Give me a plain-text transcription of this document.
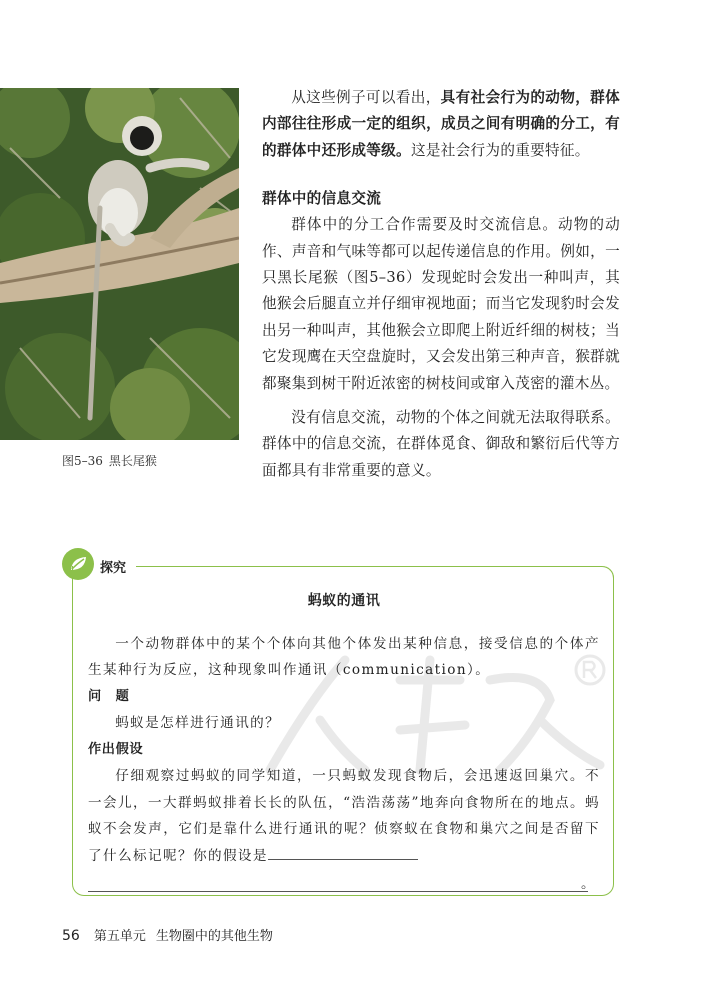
图5–36 黑长尾猴

从这些例子可以看出，具有社会行为的动物，群体内部往往形成一定的组织，成员之间有明确的分工，有的群体中还形成等级。这是社会行为的重要特征。

群体中的信息交流

群体中的分工合作需要及时交流信息。动物的动作、声音和气味等都可以起传递信息的作用。例如，一只黑长尾猴（图5–36）发现蛇时会发出一种叫声，其他猴会后腿直立并仔细审视地面；而当它发现豹时会发出另一种叫声，其他猴会立即爬上附近纤细的树枝；当它发现鹰在天空盘旋时，又会发出第三种声音，猴群就都聚集到树干附近浓密的树枝间或窜入茂密的灌木丛。

没有信息交流，动物的个体之间就无法取得联系。群体中的信息交流，在群体觅食、御敌和繁衍后代等方面都具有非常重要的意义。

探究
蚂蚁的通讯

一个动物群体中的某个个体向其他个体发出某种信息，接受信息的个体产生某种行为反应，这种现象叫作通讯（communication）。

问　题

蚂蚁是怎样进行通讯的？

作出假设

仔细观察过蚂蚁的同学知道，一只蚂蚁发现食物后，会迅速返回巢穴。不一会儿，一大群蚂蚁排着长长的队伍，“浩浩荡荡”地奔向食物所在的地点。蚂蚁不会发声，它们是靠什么进行通讯的呢？侦察蚁在食物和巢穴之间是否留下了什么标记呢？你的假设是

。
56 第五单元 生物圈中的其他生物
